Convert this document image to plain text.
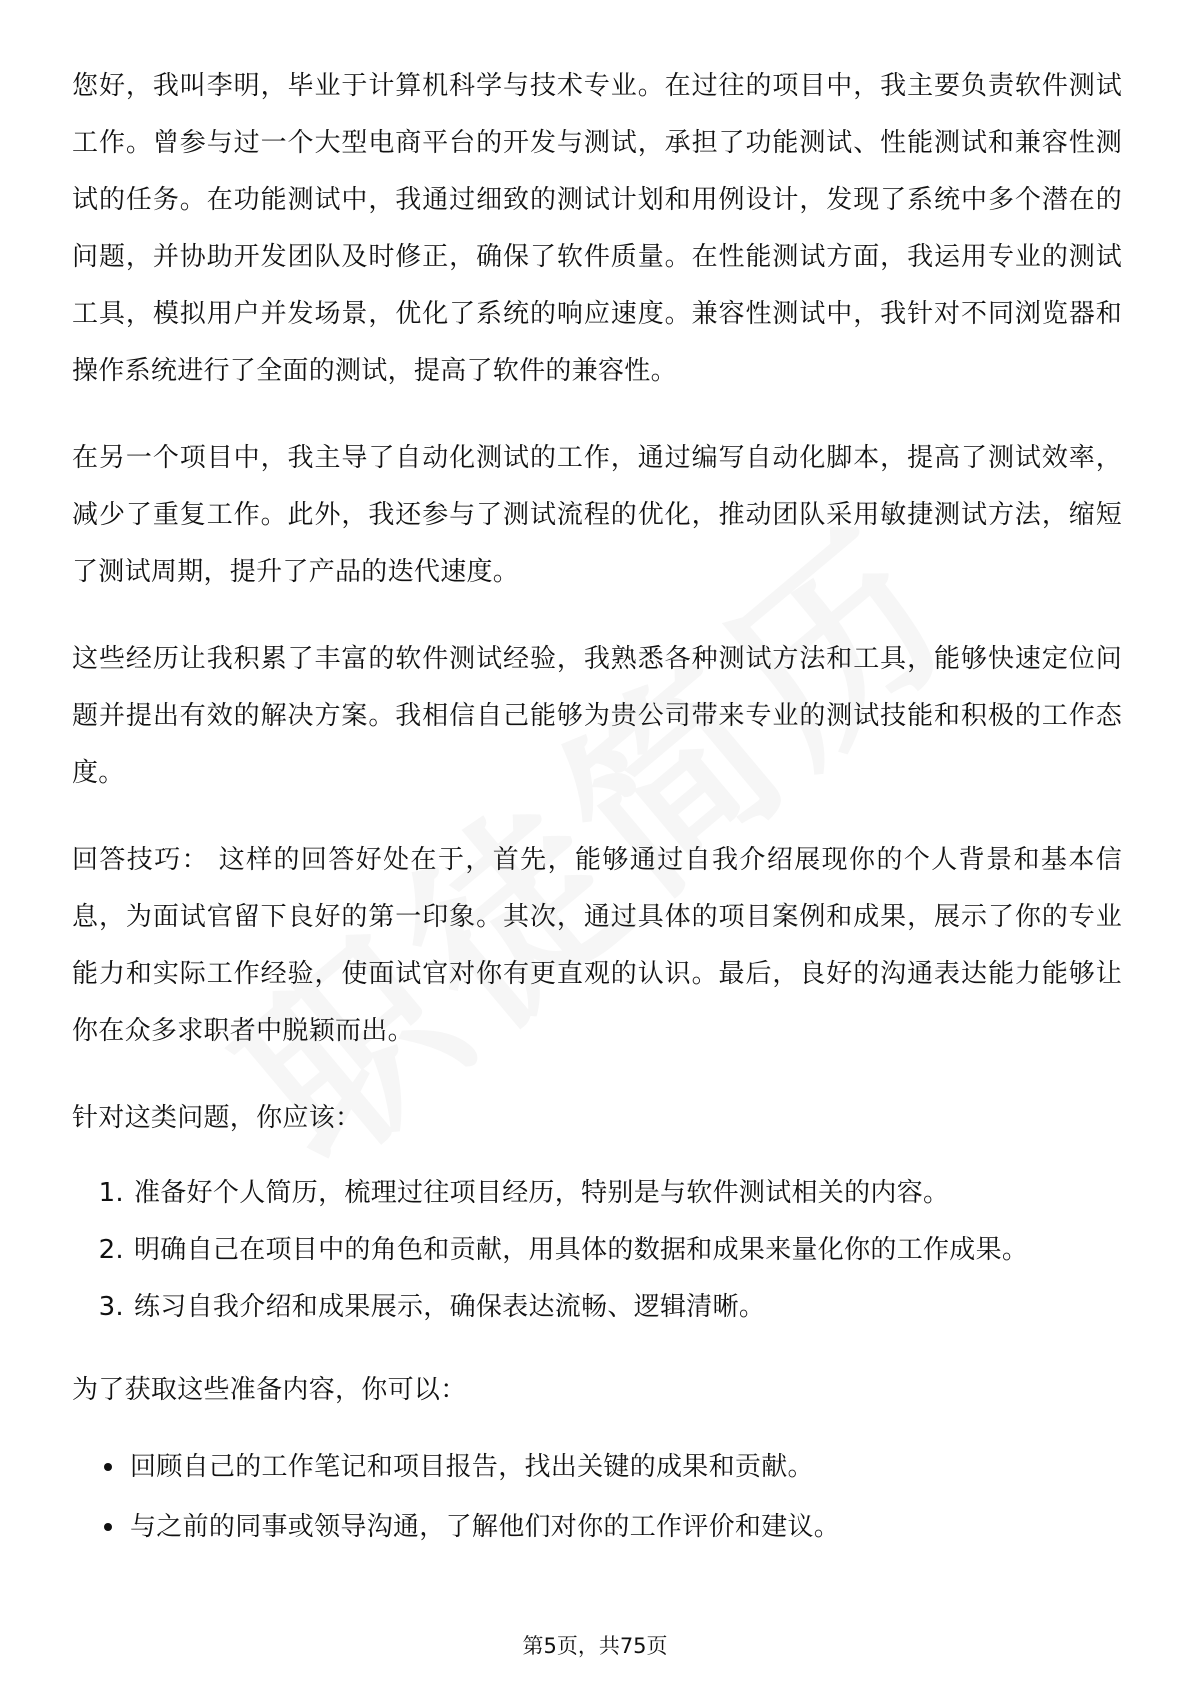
您好，我叫李明，毕业于计算机科学与技术专业。在过往的项目中，我主要负责软件测试工作。曾参与过一个大型电商平台的开发与测试，承担了功能测试、性能测试和兼容性测试的任务。在功能测试中，我通过细致的测试计划和用例设计，发现了系统中多个潜在的问题，并协助开发团队及时修正，确保了软件质量。在性能测试方面，我运用专业的测试工具，模拟用户并发场景，优化了系统的响应速度。兼容性测试中，我针对不同浏览器和操作系统进行了全面的测试，提高了软件的兼容性。

在另一个项目中，我主导了自动化测试的工作，通过编写自动化脚本，提高了测试效率，减少了重复工作。此外，我还参与了测试流程的优化，推动团队采用敏捷测试方法，缩短了测试周期，提升了产品的迭代速度。

这些经历让我积累了丰富的软件测试经验，我熟悉各种测试方法和工具，能够快速定位问题并提出有效的解决方案。我相信自己能够为贵公司带来专业的测试技能和积极的工作态度。

回答技巧： 这样的回答好处在于，首先，能够通过自我介绍展现你的个人背景和基本信息，为面试官留下良好的第一印象。其次，通过具体的项目案例和成果，展示了你的专业能力和实际工作经验，使面试官对你有更直观的认识。最后，良好的沟通表达能力能够让你在众多求职者中脱颖而出。

针对这类问题，你应该：

1. 准备好个人简历，梳理过往项目经历，特别是与软件测试相关的内容。
2. 明确自己在项目中的角色和贡献，用具体的数据和成果来量化你的工作成果。
3. 练习自我介绍和成果展示，确保表达流畅、逻辑清晰。

为了获取这些准备内容，你可以：

回顾自己的工作笔记和项目报告，找出关键的成果和贡献。
与之前的同事或领导沟通，了解他们对你的工作评价和建议。
第5页，共75页
